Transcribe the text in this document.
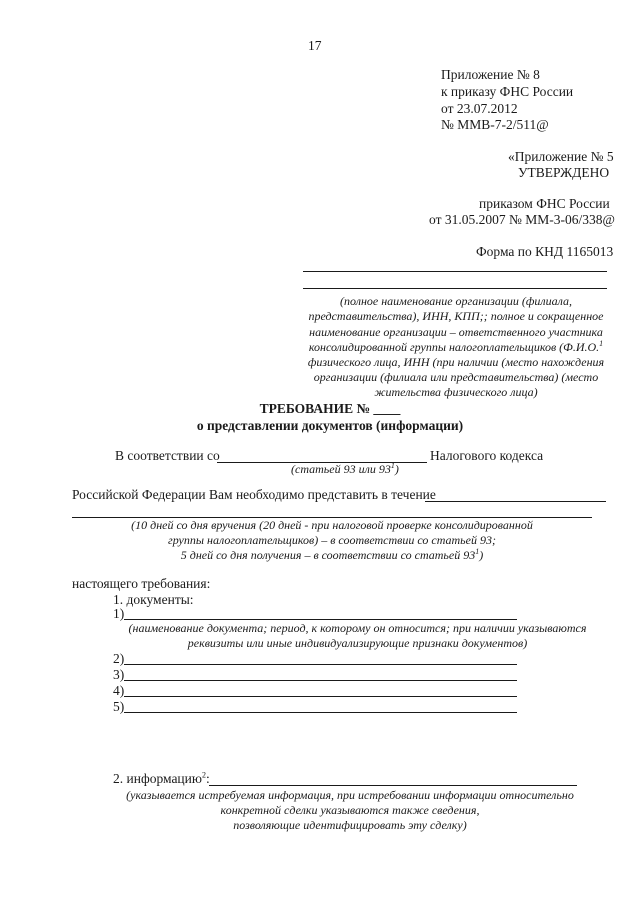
17
Приложение № 8
к приказу ФНС России
от 23.07.2012
№ ММВ-7-2/511@
«Приложение № 5
УТВЕРЖДЕНО
приказом ФНС России
от 31.05.2007 № ММ-3-06/338@
Форма по КНД 1165013
(полное наименование организации (филиала,
представительства), ИНН, КПП;; полное и сокращенное
наименование организации – ответственного участника
консолидированной группы налогоплательщиков (Ф.И.О.$^1$
физического лица, ИНН (при наличии (место нахождения
организации (филиала или представительства) (место
жительства физического лица)
ТРЕБОВАНИЕ № ____
о представлении документов (информации)
В соответствии со	Налогового кодекса
(статьей 93 или $93^1$)
Российской Федерации Вам необходимо представить в течение
(10 дней со дня вручения (20 дней - при налоговой проверке консолидированной
группы налогоплательщиков) – в соответствии со статьей 93;
5 дней со дня получения – в соответствии со статьей $93^1$)
настоящего требования:
1. документы:
1)
(наименование документа; период, к которому он относится; при наличии указываются
реквизиты или иные индивидуализирующие признаки документов)
2)
3)
4)
5)
2. информацию$^2$:
(указывается истребуемая информация, при истребовании информации относительно
конкретной сделки указываются также сведения,
позволяющие идентифицировать эту сделку)
